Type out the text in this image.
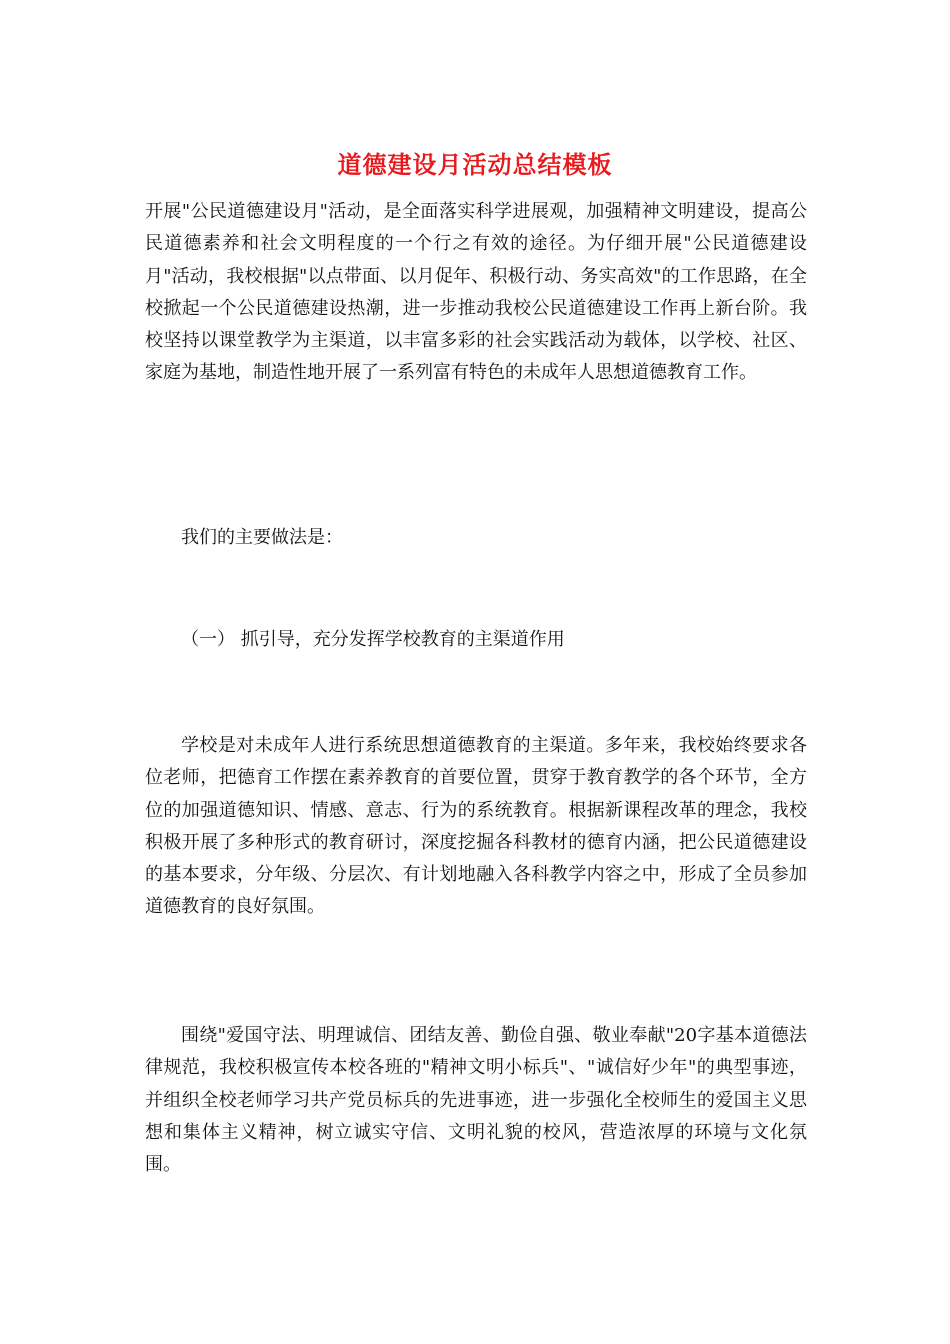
道德建设月活动总结模板
开展"公民道德建设月"活动，是全面落实科学进展观，加强精神文明建设，提高公民道德素养和社会文明程度的一个行之有效的途径。为仔细开展"公民道德建设月"活动，我校根据"以点带面、以月促年、积极行动、务实高效"的工作思路，在全校掀起一个公民道德建设热潮，进一步推动我校公民道德建设工作再上新台阶。我校坚持以课堂教学为主渠道，以丰富多彩的社会实践活动为载体，以学校、社区、家庭为基地，制造性地开展了一系列富有特色的未成年人思想道德教育工作。
我们的主要做法是：
（一） 抓引导，充分发挥学校教育的主渠道作用
学校是对未成年人进行系统思想道德教育的主渠道。多年来，我校始终要求各位老师，把德育工作摆在素养教育的首要位置，贯穿于教育教学的各个环节，全方位的加强道德知识、情感、意志、行为的系统教育。根据新课程改革的理念，我校积极开展了多种形式的教育研讨，深度挖掘各科教材的德育内涵，把公民道德建设的基本要求，分年级、分层次、有计划地融入各科教学内容之中，形成了全员参加道德教育的良好氛围。
围绕"爱国守法、明理诚信、团结友善、勤俭自强、敬业奉献"20字基本道德法律规范，我校积极宣传本校各班的"精神文明小标兵"、"诚信好少年"的典型事迹，并组织全校老师学习共产党员标兵的先进事迹，进一步强化全校师生的爱国主义思想和集体主义精神，树立诚实守信、文明礼貌的校风，营造浓厚的环境与文化氛围。
